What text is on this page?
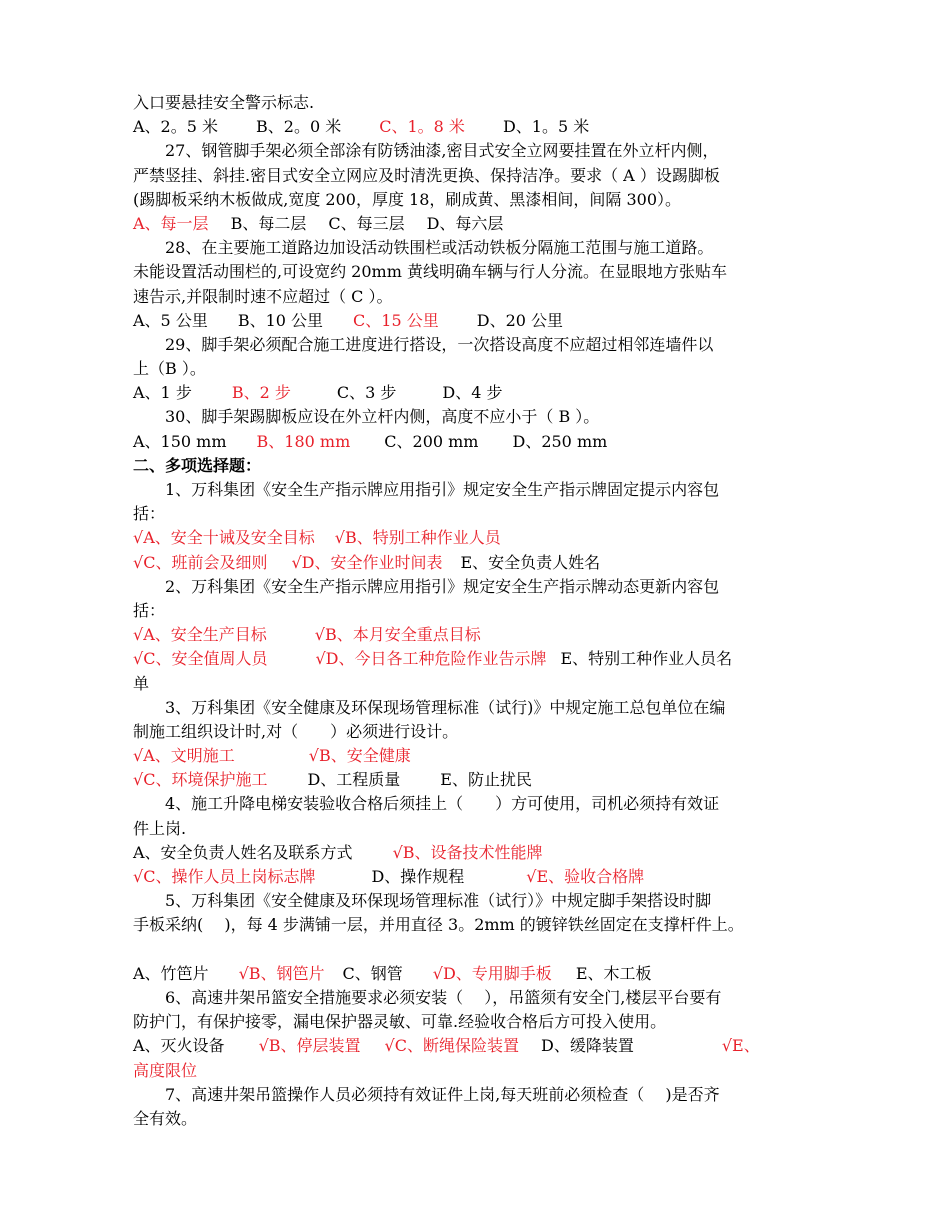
入口要悬挂安全警示标志.
A、2。5 米 B、2。0 米 C、1。8 米 D、1。5 米
27、钢管脚手架必须全部涂有防锈油漆,密目式安全立网要挂置在外立杆内侧，
严禁竖挂、斜挂.密目式安全立网应及时清洗更换、保持洁净。要求（ A ）设踢脚板
(踢脚板采纳木板做成,宽度 200，厚度 18，刷成黄、黑漆相间，间隔 300）。
A、每一层 B、每二层 C、每三层 D、每六层
28、在主要施工道路边加设活动铁围栏或活动铁板分隔施工范围与施工道路。
未能设置活动围栏的,可设宽约 20mm 黄线明确车辆与行人分流。在显眼地方张贴车
速告示,并限制时速不应超过（ C ）。
A、5 公里 B、10 公里 C、15 公里 D、20 公里
29、脚手架必须配合施工进度进行搭设，一次搭设高度不应超过相邻连墙件以
上（B ）。
A、1 步	B、2 步	C、3 步	D、4 步
30、脚手架踢脚板应设在外立杆内侧，高度不应小于（ B ）。
A、150 mm B、180 mm C、200 mm D、250 mm
二、多项选择题：
1、万科集团《安全生产指示牌应用指引》规定安全生产指示牌固定提示内容包
括：
√A、安全十诫及安全目标 √B、特别工种作业人员
√C、班前会及细则 √D、安全作业时间表 E、安全负责人姓名
2、万科集团《安全生产指示牌应用指引》规定安全生产指示牌动态更新内容包
括：
√A、安全生产目标	√B、本月安全重点目标
√C、安全值周人员	√D、今日各工种危险作业告示牌 E、特别工种作业人员名
单
3、万科集团《安全健康及环保现场管理标准（试行)》中规定施工总包单位在编
制施工组织设计时,对（　　）必须进行设计。
√A、文明施工	√B、安全健康
√C、环境保护施工	D、工程质量	E、防止扰民
4、施工升降电梯安装验收合格后须挂上（　　）方可使用，司机必须持有效证
件上岗.
A、安全负责人姓名及联系方式	√B、设备技术性能牌
√C、操作人员上岗标志牌	D、操作规程	√E、验收合格牌
5、万科集团《安全健康及环保现场管理标准（试行）》中规定脚手架搭设时脚
手板采纳(　 )，每 4 步满铺一层，并用直径 3。2mm 的镀锌铁丝固定在支撑杆件上。
A、竹笆片 √B、钢笆片 C、钢管 √D、专用脚手板 E、木工板
6、高速井架吊篮安全措施要求必须安装（　 ），吊篮须有安全门,楼层平台要有
防护门，有保护接零，漏电保护器灵敏、可靠.经验收合格后方可投入使用。
A、灭火设备 √B、停层装置 √C、断绳保险装置 D、缓降装置	√E、
高度限位
7、高速井架吊篮操作人员必须持有效证件上岗,每天班前必须检查（　 )是否齐
全有效。
